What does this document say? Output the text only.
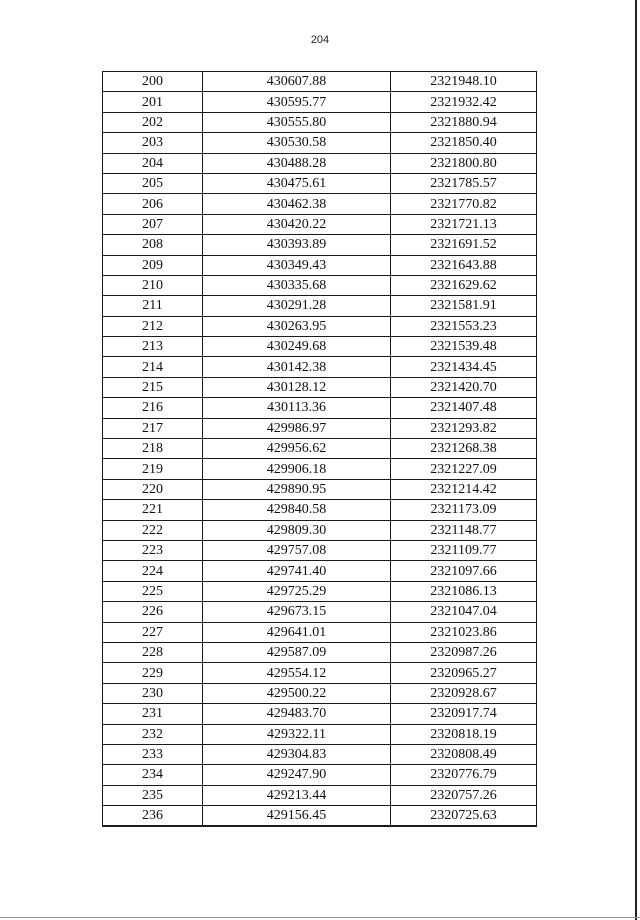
204
200	430607.88	2321948.10
201	430595.77	2321932.42
202	430555.80	2321880.94
203	430530.58	2321850.40
204	430488.28	2321800.80
205	430475.61	2321785.57
206	430462.38	2321770.82
207	430420.22	2321721.13
208	430393.89	2321691.52
209	430349.43	2321643.88
210	430335.68	2321629.62
211	430291.28	2321581.91
212	430263.95	2321553.23
213	430249.68	2321539.48
214	430142.38	2321434.45
215	430128.12	2321420.70
216	430113.36	2321407.48
217	429986.97	2321293.82
218	429956.62	2321268.38
219	429906.18	2321227.09
220	429890.95	2321214.42
221	429840.58	2321173.09
222	429809.30	2321148.77
223	429757.08	2321109.77
224	429741.40	2321097.66
225	429725.29	2321086.13
226	429673.15	2321047.04
227	429641.01	2321023.86
228	429587.09	2320987.26
229	429554.12	2320965.27
230	429500.22	2320928.67
231	429483.70	2320917.74
232	429322.11	2320818.19
233	429304.83	2320808.49
234	429247.90	2320776.79
235	429213.44	2320757.26
236	429156.45	2320725.63
